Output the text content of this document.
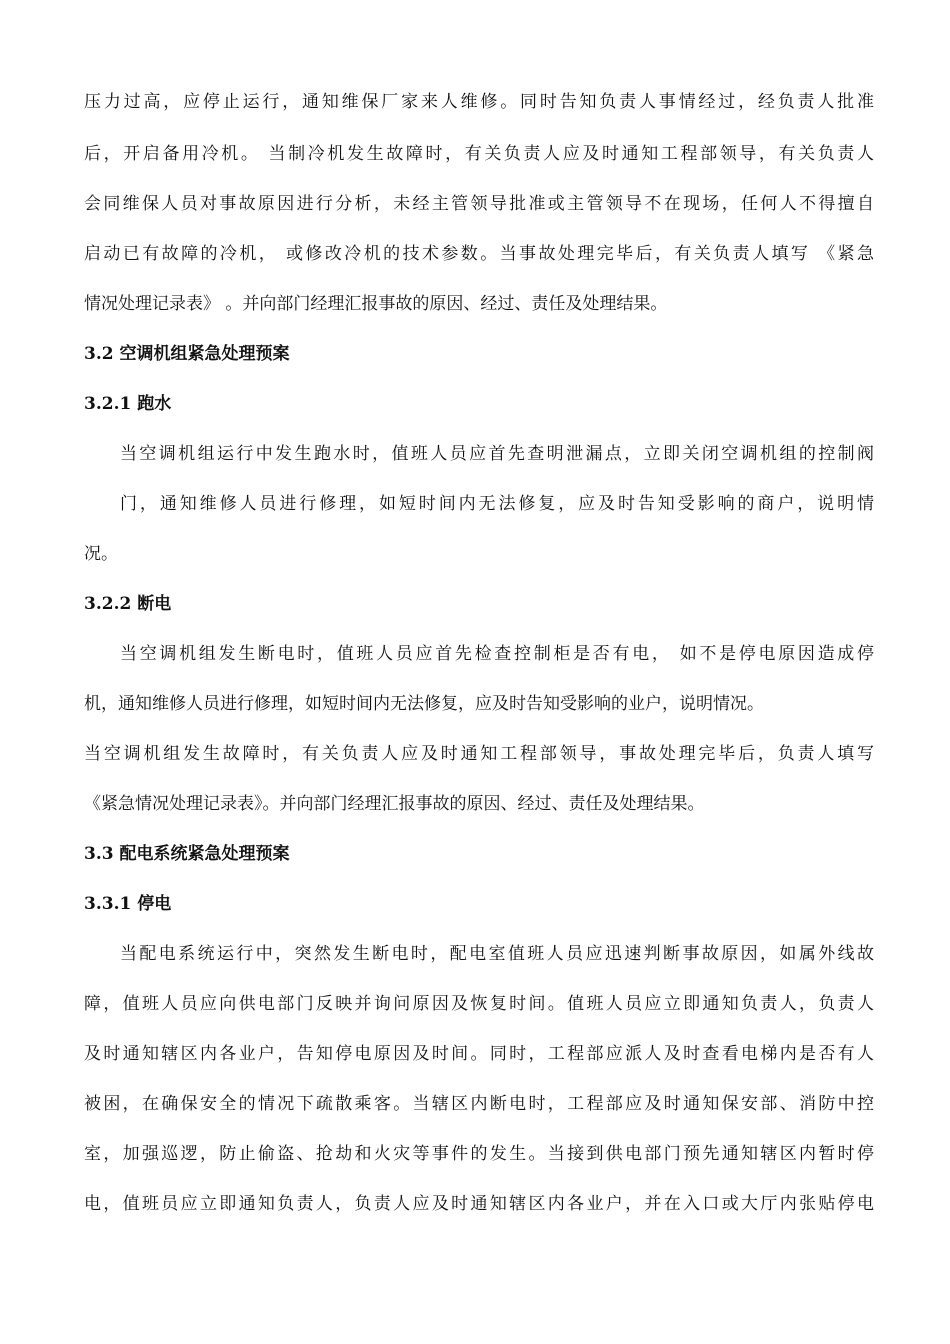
压力过高，应停止运行，通知维保厂家来人维修。同时告知负责人事情经过，经负责人批准
后，开启备用冷机。 当制冷机发生故障时，有关负责人应及时通知工程部领导，有关负责人
会同维保人员对事故原因进行分析，未经主管领导批准或主管领导不在现场，任何人不得擅自
启动已有故障的冷机， 或修改冷机的技术参数。当事故处理完毕后，有关负责人填写 《紧急
情况处理记录表》 。并向部门经理汇报事故的原因、经过、责任及处理结果。
3.2 空调机组紧急处理预案
3.2.1 跑水
当空调机组运行中发生跑水时，值班人员应首先查明泄漏点，立即关闭空调机组的控制阀
门，通知维修人员进行修理，如短时间内无法修复，应及时告知受影响的商户，说明情
况。
3.2.2 断电
当空调机组发生断电时，值班人员应首先检查控制柜是否有电， 如不是停电原因造成停
机，通知维修人员进行修理，如短时间内无法修复，应及时告知受影响的业户，说明情况。
当空调机组发生故障时，有关负责人应及时通知工程部领导，事故处理完毕后，负责人填写
《紧急情况处理记录表》。并向部门经理汇报事故的原因、经过、责任及处理结果。
3.3 配电系统紧急处理预案
3.3.1 停电
当配电系统运行中，突然发生断电时，配电室值班人员应迅速判断事故原因，如属外线故
障，值班人员应向供电部门反映并询问原因及恢复时间。值班人员应立即通知负责人，负责人
及时通知辖区内各业户，告知停电原因及时间。同时，工程部应派人及时查看电梯内是否有人
被困，在确保安全的情况下疏散乘客。当辖区内断电时，工程部应及时通知保安部、消防中控
室，加强巡逻，防止偷盗、抢劫和火灾等事件的发生。当接到供电部门预先通知辖区内暂时停
电，值班员应立即通知负责人，负责人应及时通知辖区内各业户，并在入口或大厅内张贴停电
